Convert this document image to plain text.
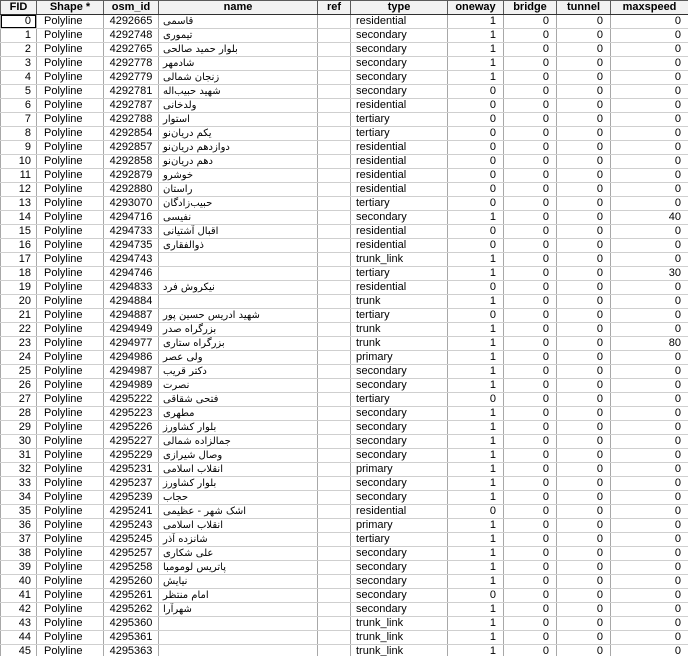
FID	Shape *	osm_id	name	ref	type	oneway	bridge	tunnel	maxspeed
0	Polyline	4292665	قاسمی		residential	1	0	0	0
1	Polyline	4292748	تیموری		secondary	1	0	0	0
2	Polyline	4292765	بلوار حمید صالحی		secondary	1	0	0	0
3	Polyline	4292778	شادمهر		secondary	1	0	0	0
4	Polyline	4292779	زنجان شمالی		secondary	1	0	0	0
5	Polyline	4292781	شهید حبیب‌اله		secondary	0	0	0	0
6	Polyline	4292787	ولدخانی		residential	0	0	0	0
7	Polyline	4292788	استوار		tertiary	0	0	0	0
8	Polyline	4292854	یکم دریان‌نو		tertiary	0	0	0	0
9	Polyline	4292857	دوازدهم دریان‌نو		residential	0	0	0	0
10	Polyline	4292858	دهم دریان‌نو		residential	0	0	0	0
11	Polyline	4292879	خوشرو		residential	0	0	0	0
12	Polyline	4292880	راستان		residential	0	0	0	0
13	Polyline	4293070	حبیب‌زادگان		tertiary	0	0	0	0
14	Polyline	4294716	نفیسی		secondary	1	0	0	40
15	Polyline	4294733	اقبال آشتیانی		residential	0	0	0	0
16	Polyline	4294735	ذوالفقاری		residential	0	0	0	0
17	Polyline	4294743			trunk_link	1	0	0	0
18	Polyline	4294746			tertiary	1	0	0	30
19	Polyline	4294833	نیکروش فرد		residential	0	0	0	0
20	Polyline	4294884			trunk	1	0	0	0
21	Polyline	4294887	شهید ادریس حسین پور		tertiary	0	0	0	0
22	Polyline	4294949	بزرگراه صدر		trunk	1	0	0	0
23	Polyline	4294977	بزرگراه ستاری		trunk	1	0	0	80
24	Polyline	4294986	ولی عصر		primary	1	0	0	0
25	Polyline	4294987	دکتر قریب		secondary	1	0	0	0
26	Polyline	4294989	نصرت		secondary	1	0	0	0
27	Polyline	4295222	فتحی شقاقی		tertiary	0	0	0	0
28	Polyline	4295223	مطهری		secondary	1	0	0	0
29	Polyline	4295226	بلوار کشاورز		secondary	1	0	0	0
30	Polyline	4295227	جمالزاده شمالی		secondary	1	0	0	0
31	Polyline	4295229	وصال شیرازی		secondary	1	0	0	0
32	Polyline	4295231	انقلاب اسلامی		primary	1	0	0	0
33	Polyline	4295237	بلوار کشاورز		secondary	1	0	0	0
34	Polyline	4295239	حجاب		secondary	1	0	0	0
35	Polyline	4295241	اشک شهر - عظیمی		residential	0	0	0	0
36	Polyline	4295243	انقلاب اسلامی		primary	1	0	0	0
37	Polyline	4295245	شانزده آذر		tertiary	1	0	0	0
38	Polyline	4295257	علی شکاری		secondary	1	0	0	0
39	Polyline	4295258	پاتریس لومومبا		secondary	1	0	0	0
40	Polyline	4295260	نیایش		secondary	1	0	0	0
41	Polyline	4295261	امام منتظر		secondary	0	0	0	0
42	Polyline	4295262	شهرآرا		secondary	1	0	0	0
43	Polyline	4295360			trunk_link	1	0	0	0
44	Polyline	4295361			trunk_link	1	0	0	0
45	Polyline	4295363			trunk_link	1	0	0	0
